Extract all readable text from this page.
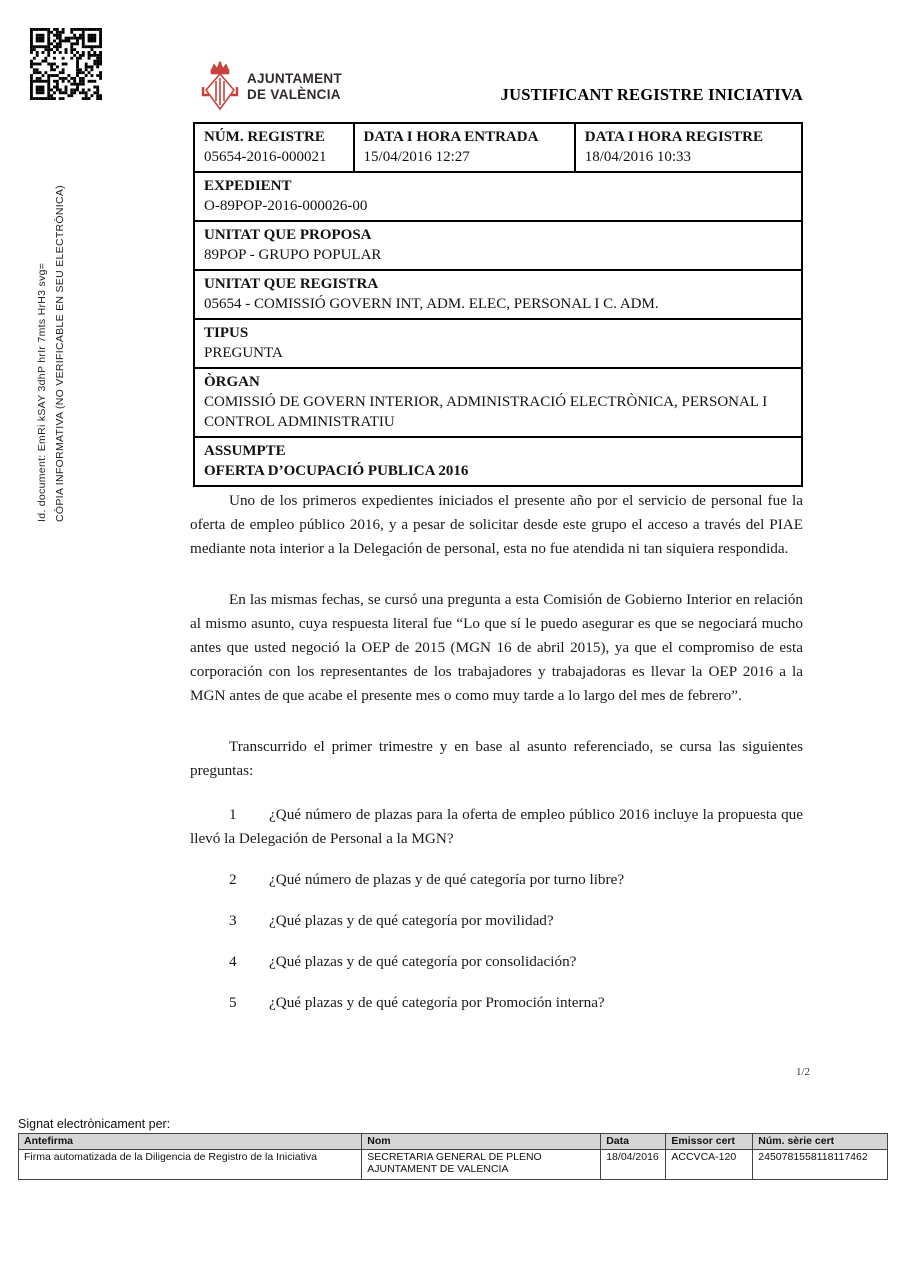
Id. document: EmRi kSAY 3dhP hrIr 7mts HrH3 svg= CÒPIA INFORMATIVA (NO VERIFICABLE EN SEU ELECTRÒNICA)
AJUNTAMENT
DE VALÈNCIA	JUSTIFICANT REGISTRE INICIATIVA
NÚM. REGISTRE
05654-2016-000021
DATA I HORA ENTRADA
15/04/2016 12:27
DATA I HORA REGISTRE
18/04/2016 10:33
EXPEDIENT
O-89POP-2016-000026-00
UNITAT QUE PROPOSA
89POP - GRUPO POPULAR
UNITAT QUE REGISTRA
05654 - COMISSIÓ GOVERN INT, ADM. ELEC, PERSONAL I C. ADM.
TIPUS
PREGUNTA
ÒRGAN
COMISSIÓ DE GOVERN INTERIOR, ADMINISTRACIÓ ELECTRÒNICA, PERSONAL I CONTROL ADMINISTRATIU
ASSUMPTE
OFERTA D’OCUPACIÓ PUBLICA 2016

Uno de los primeros expedientes iniciados el presente año por el servicio de personal fue la oferta de empleo público 2016, y a pesar de solicitar desde este grupo el acceso a través del PIAE mediante nota interior a la Delegación de personal, esta no fue atendida ni tan siquiera respondida.

En las mismas fechas, se cursó una pregunta a esta Comisión de Gobierno Interior en relación al mismo asunto, cuya respuesta literal fue “Lo que sí le puedo asegurar es que se negociará mucho antes que usted negoció la OEP de 2015 (MGN 16 de abril 2015), ya que el compromiso de esta corporación con los representantes de los trabajadores y trabajadoras es llevar la OEP 2016 a la MGN antes de que acabe el presente mes o como muy tarde a lo largo del mes de febrero”.

Transcurrido el primer trimestre y en base al asunto referenciado, se cursa las siguientes preguntas:

1 ¿Qué número de plazas para la oferta de empleo público 2016 incluye la propuesta que llevó la Delegación de Personal a la MGN?

2 ¿Qué número de plazas y de qué categoría por turno libre?

3 ¿Qué plazas y de qué categoría por movilidad?

4 ¿Qué plazas y de qué categoría por consolidación?

5 ¿Qué plazas y de qué categoría por Promoción interna?

1/2

Signat electrònicament per:

Antefirma	Nom	Data	Emissor cert	Núm. sèrie cert
Firma automatizada de la Diligencia de Registro de la Iniciativa	SECRETARIA GENERAL DE PLENO
AJUNTAMENT DE VALENCIA	18/04/2016	ACCVCA-120	2450781558118117462
